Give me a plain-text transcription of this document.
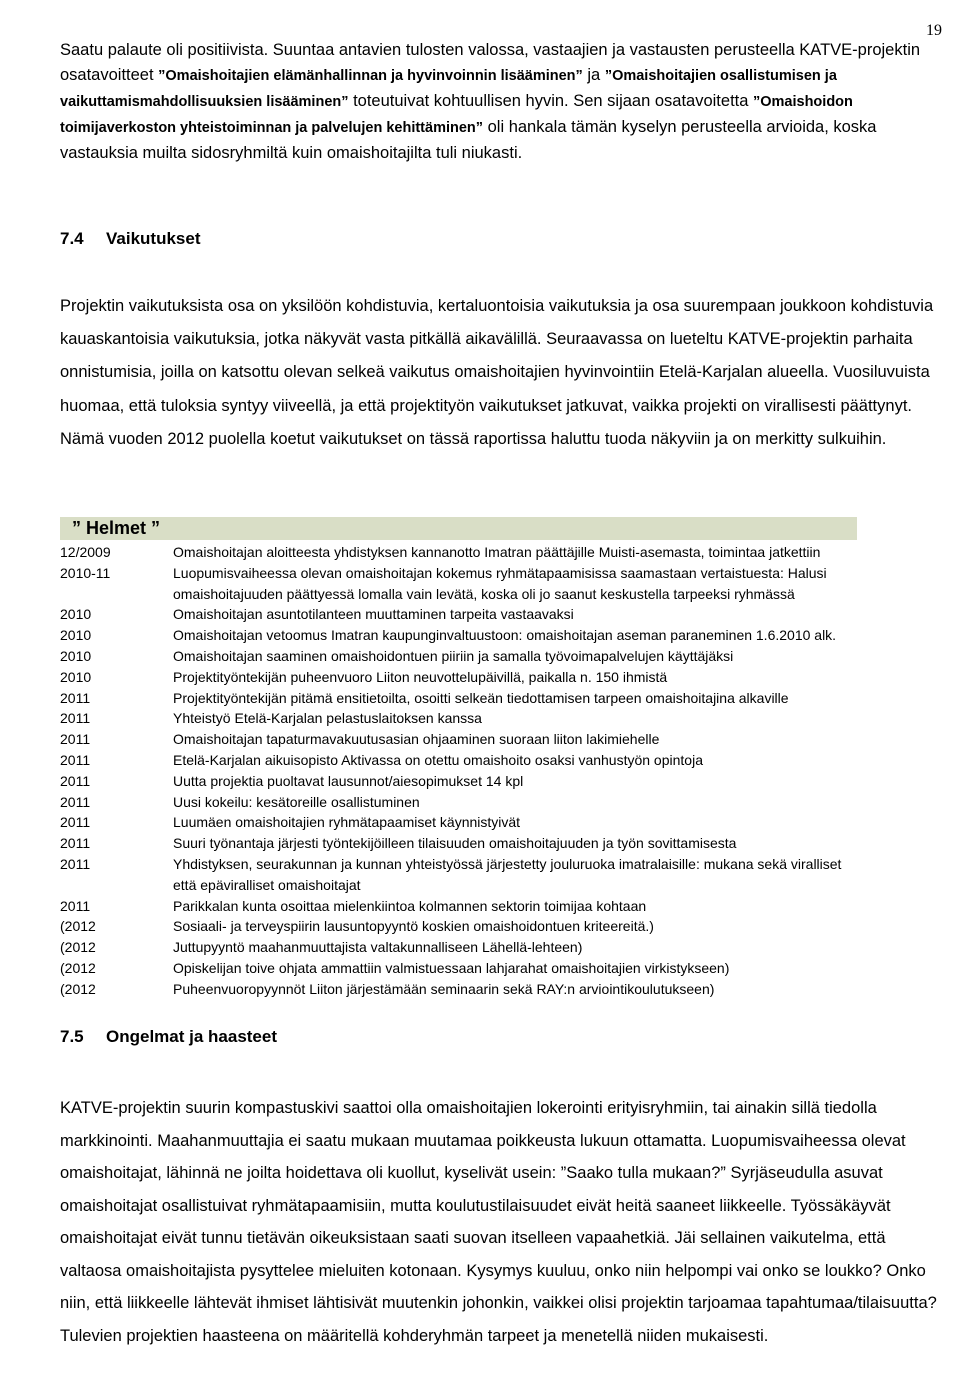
19
Saatu palaute oli positiivista. Suuntaa antavien tulosten valossa, vastaajien ja vastausten perusteella KATVE-projektin osatavoitteet ”Omaishoitajien elämänhallinnan ja hyvinvoinnin lisääminen” ja ”Omaishoitajien osallistumisen ja vaikuttamismahdollisuuksien lisääminen” toteutuivat kohtuullisen hyvin. Sen sijaan osatavoitetta ”Omaishoidon toimijaverkoston yhteistoiminnan ja palvelujen kehittäminen” oli hankala tämän kyselyn perusteella arvioida, koska vastauksia muilta sidosryhmiltä kuin omaishoitajilta tuli niukasti.
7.4 Vaikutukset
Projektin vaikutuksista osa on yksilöön kohdistuvia, kertaluontoisia vaikutuksia ja osa suurempaan joukkoon kohdistuvia kauaskantoisia vaikutuksia, jotka näkyvät vasta pitkällä aikavälillä. Seuraavassa on lueteltu KATVE-projektin parhaita onnistumisia, joilla on katsottu olevan selkeä vaikutus omaishoitajien hyvinvointiin Etelä-Karjalan alueella. Vuosiluvuista huomaa, että tuloksia syntyy viiveellä, ja että projektityön vaikutukset jatkuvat, vaikka projekti on virallisesti päättynyt. Nämä vuoden 2012 puolella koetut vaikutukset on tässä raportissa haluttu tuoda näkyviin ja on merkitty sulkuihin.
” Helmet ”
12/2009	Omaishoitajan aloitteesta yhdistyksen kannanotto Imatran päättäjille Muisti-asemasta, toimintaa jatkettiin
2010-11	Luopumisvaiheessa olevan omaishoitajan kokemus ryhmätapaamisissa saamastaan vertaistuesta: Halusi
omaishoitajuuden päättyessä lomalla vain levätä, koska oli jo saanut keskustella tarpeeksi ryhmässä
2010	Omaishoitajan asuntotilanteen muuttaminen tarpeita vastaavaksi
2010	Omaishoitajan vetoomus Imatran kaupunginvaltuustoon: omaishoitajan aseman paraneminen 1.6.2010 alk.
2010	Omaishoitajan saaminen omaishoidontuen piiriin ja samalla työvoimapalvelujen käyttäjäksi
2010	Projektityöntekijän puheenvuoro Liiton neuvottelupäivillä, paikalla n. 150 ihmistä
2011	Projektityöntekijän pitämä ensitietoilta, osoitti selkeän tiedottamisen tarpeen omaishoitajina alkaville
2011	Yhteistyö Etelä-Karjalan pelastuslaitoksen kanssa
2011	Omaishoitajan tapaturmavakuutusasian ohjaaminen suoraan liiton lakimiehelle
2011	Etelä-Karjalan aikuisopisto Aktivassa on otettu omaishoito osaksi vanhustyön opintoja
2011	Uutta projektia puoltavat lausunnot/aiesopimukset 14 kpl
2011	Uusi kokeilu: kesätoreille osallistuminen
2011	Luumäen omaishoitajien ryhmätapaamiset käynnistyivät
2011	Suuri työnantaja järjesti työntekijöilleen tilaisuuden omaishoitajuuden ja työn sovittamisesta
2011	Yhdistyksen, seurakunnan ja kunnan yhteistyössä järjestetty jouluruoka imatralaisille: mukana sekä viralliset
että epäviralliset omaishoitajat
2011	Parikkalan kunta osoittaa mielenkiintoa kolmannen sektorin toimijaa kohtaan
(2012	Sosiaali- ja terveyspiirin lausuntopyyntö koskien omaishoidontuen kriteereitä.)
(2012	Juttupyyntö maahanmuuttajista valtakunnalliseen Lähellä-lehteen)
(2012	Opiskelijan toive ohjata ammattiin valmistuessaan lahjarahat omaishoitajien virkistykseen)
(2012	Puheenvuoropyynnöt Liiton järjestämään seminaarin sekä RAY:n arviointikoulutukseen)
7.5 Ongelmat ja haasteet
KATVE-projektin suurin kompastuskivi saattoi olla omaishoitajien lokerointi erityisryhmiin, tai ainakin sillä tiedolla markkinointi. Maahanmuuttajia ei saatu mukaan muutamaa poikkeusta lukuun ottamatta. Luopumisvaiheessa olevat omaishoitajat, lähinnä ne joilta hoidettava oli kuollut, kyselivät usein: ”Saako tulla mukaan?” Syrjäseudulla asuvat omaishoitajat osallistuivat ryhmätapaamisiin, mutta koulutustilaisuudet eivät heitä saaneet liikkeelle. Työssäkäyvät omaishoitajat eivät tunnu tietävän oikeuksistaan saati suovan itselleen vapaahetkiä. Jäi sellainen vaikutelma, että valtaosa omaishoitajista pysyttelee mieluiten kotonaan. Kysymys kuuluu, onko niin helpompi vai onko se loukko? Onko niin, että liikkeelle lähtevät ihmiset lähtisivät muutenkin johonkin, vaikkei olisi projektin tarjoamaa tapahtumaa/tilaisuutta? Tulevien projektien haasteena on määritellä kohderyhmän tarpeet ja menetellä niiden mukaisesti.
